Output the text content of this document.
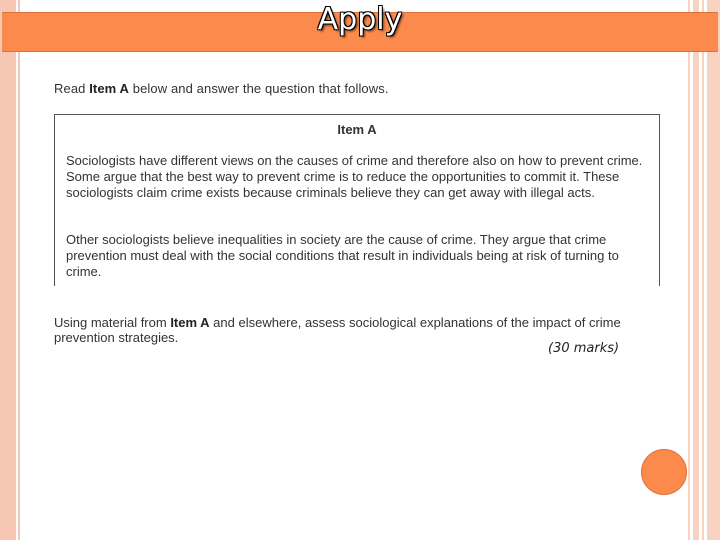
Apply
Read Item A below and answer the question that follows.
Item A
Sociologists have different views on the causes of crime and therefore also on how to prevent crime. Some argue that the best way to prevent crime is to reduce the opportunities to commit it. These sociologists claim crime exists because criminals believe they can get away with illegal acts.
Other sociologists believe inequalities in society are the cause of crime. They argue that crime prevention must deal with the social conditions that result in individuals being at risk of turning to crime.
Using material from Item A and elsewhere, assess sociological explanations of the impact of crime prevention strategies.
(30 marks)
